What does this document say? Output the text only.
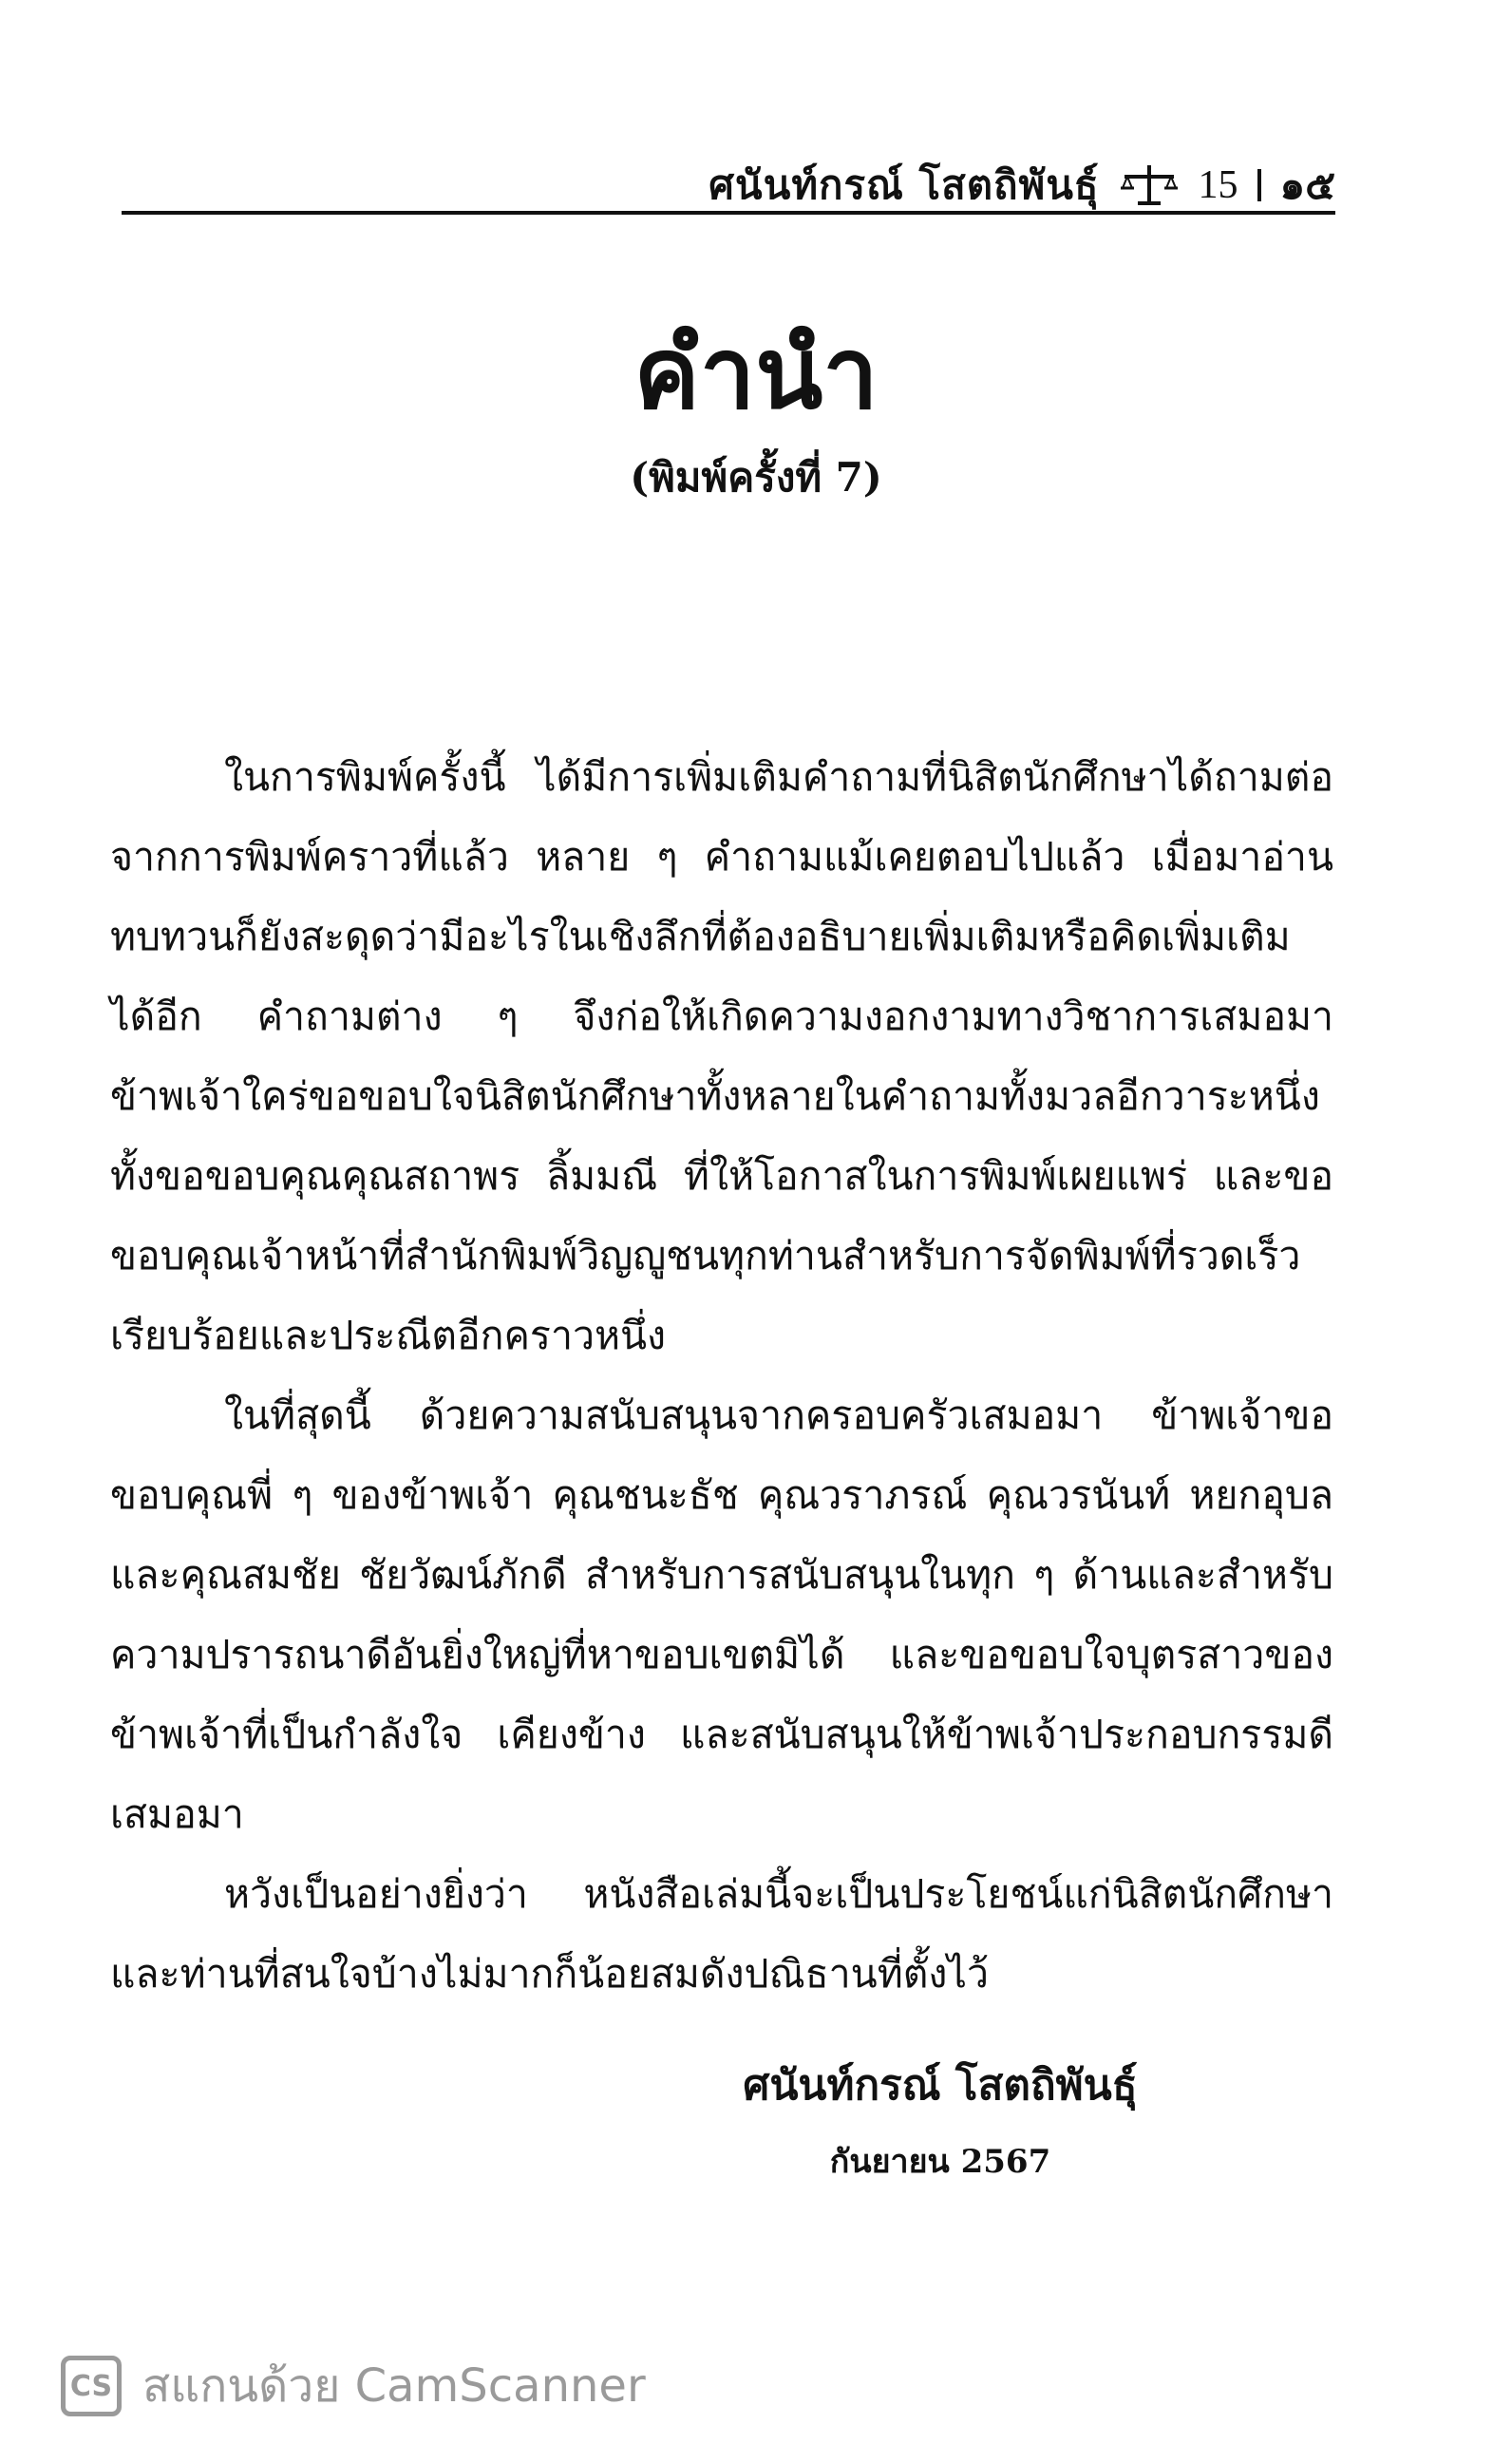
ศนันท์กรณ์ โสตถิพันธุ์ 15 ๑๕
คำนำ
(พิมพ์ครั้งที่ 7)

ในการพิมพ์ครั้งนี้ ได้มีการเพิ่มเติมคำถามที่นิสิตนักศึกษาได้ถามต่อจากการพิมพ์คราวที่แล้ว หลาย ๆ คำถามแม้เคยตอบไปแล้ว เมื่อมาอ่านทบทวนก็ยังสะดุดว่ามีอะไรในเชิงลึกที่ต้องอธิบายเพิ่มเติมหรือคิดเพิ่มเติมได้อีก คำถามต่าง ๆ จึงก่อให้เกิดความงอกงามทางวิชาการเสมอมา ข้าพเจ้าใคร่ขอขอบใจนิสิตนักศึกษาทั้งหลายในคำถามทั้งมวลอีกวาระหนึ่ง ทั้งขอขอบคุณคุณสถาพร ลิ้มมณี ที่ให้โอกาสในการพิมพ์เผยแพร่ และขอขอบคุณเจ้าหน้าที่สำนักพิมพ์วิญญูชนทุกท่านสำหรับการจัดพิมพ์ที่รวดเร็วเรียบร้อยและประณีตอีกคราวหนึ่ง

ในที่สุดนี้ ด้วยความสนับสนุนจากครอบครัวเสมอมา ข้าพเจ้าขอขอบคุณพี่ ๆ ของข้าพเจ้า คุณชนะธัช คุณวราภรณ์ คุณวรนันท์ หยกอุบล และคุณสมชัย ชัยวัฒน์ภักดี สำหรับการสนับสนุนในทุก ๆ ด้านและสำหรับความปรารถนาดีอันยิ่งใหญ่ที่หาขอบเขตมิได้ และขอขอบใจบุตรสาวของข้าพเจ้าที่เป็นกำลังใจ เคียงข้าง และสนับสนุนให้ข้าพเจ้าประกอบกรรมดีเสมอมา

หวังเป็นอย่างยิ่งว่า หนังสือเล่มนี้จะเป็นประโยชน์แก่นิสิตนักศึกษาและท่านที่สนใจบ้างไม่มากก็น้อยสมดังปณิธานที่ตั้งไว้

ศนันท์กรณ์ โสตถิพันธุ์

กันยายน 2567

CS สแกนด้วย CamScanner
